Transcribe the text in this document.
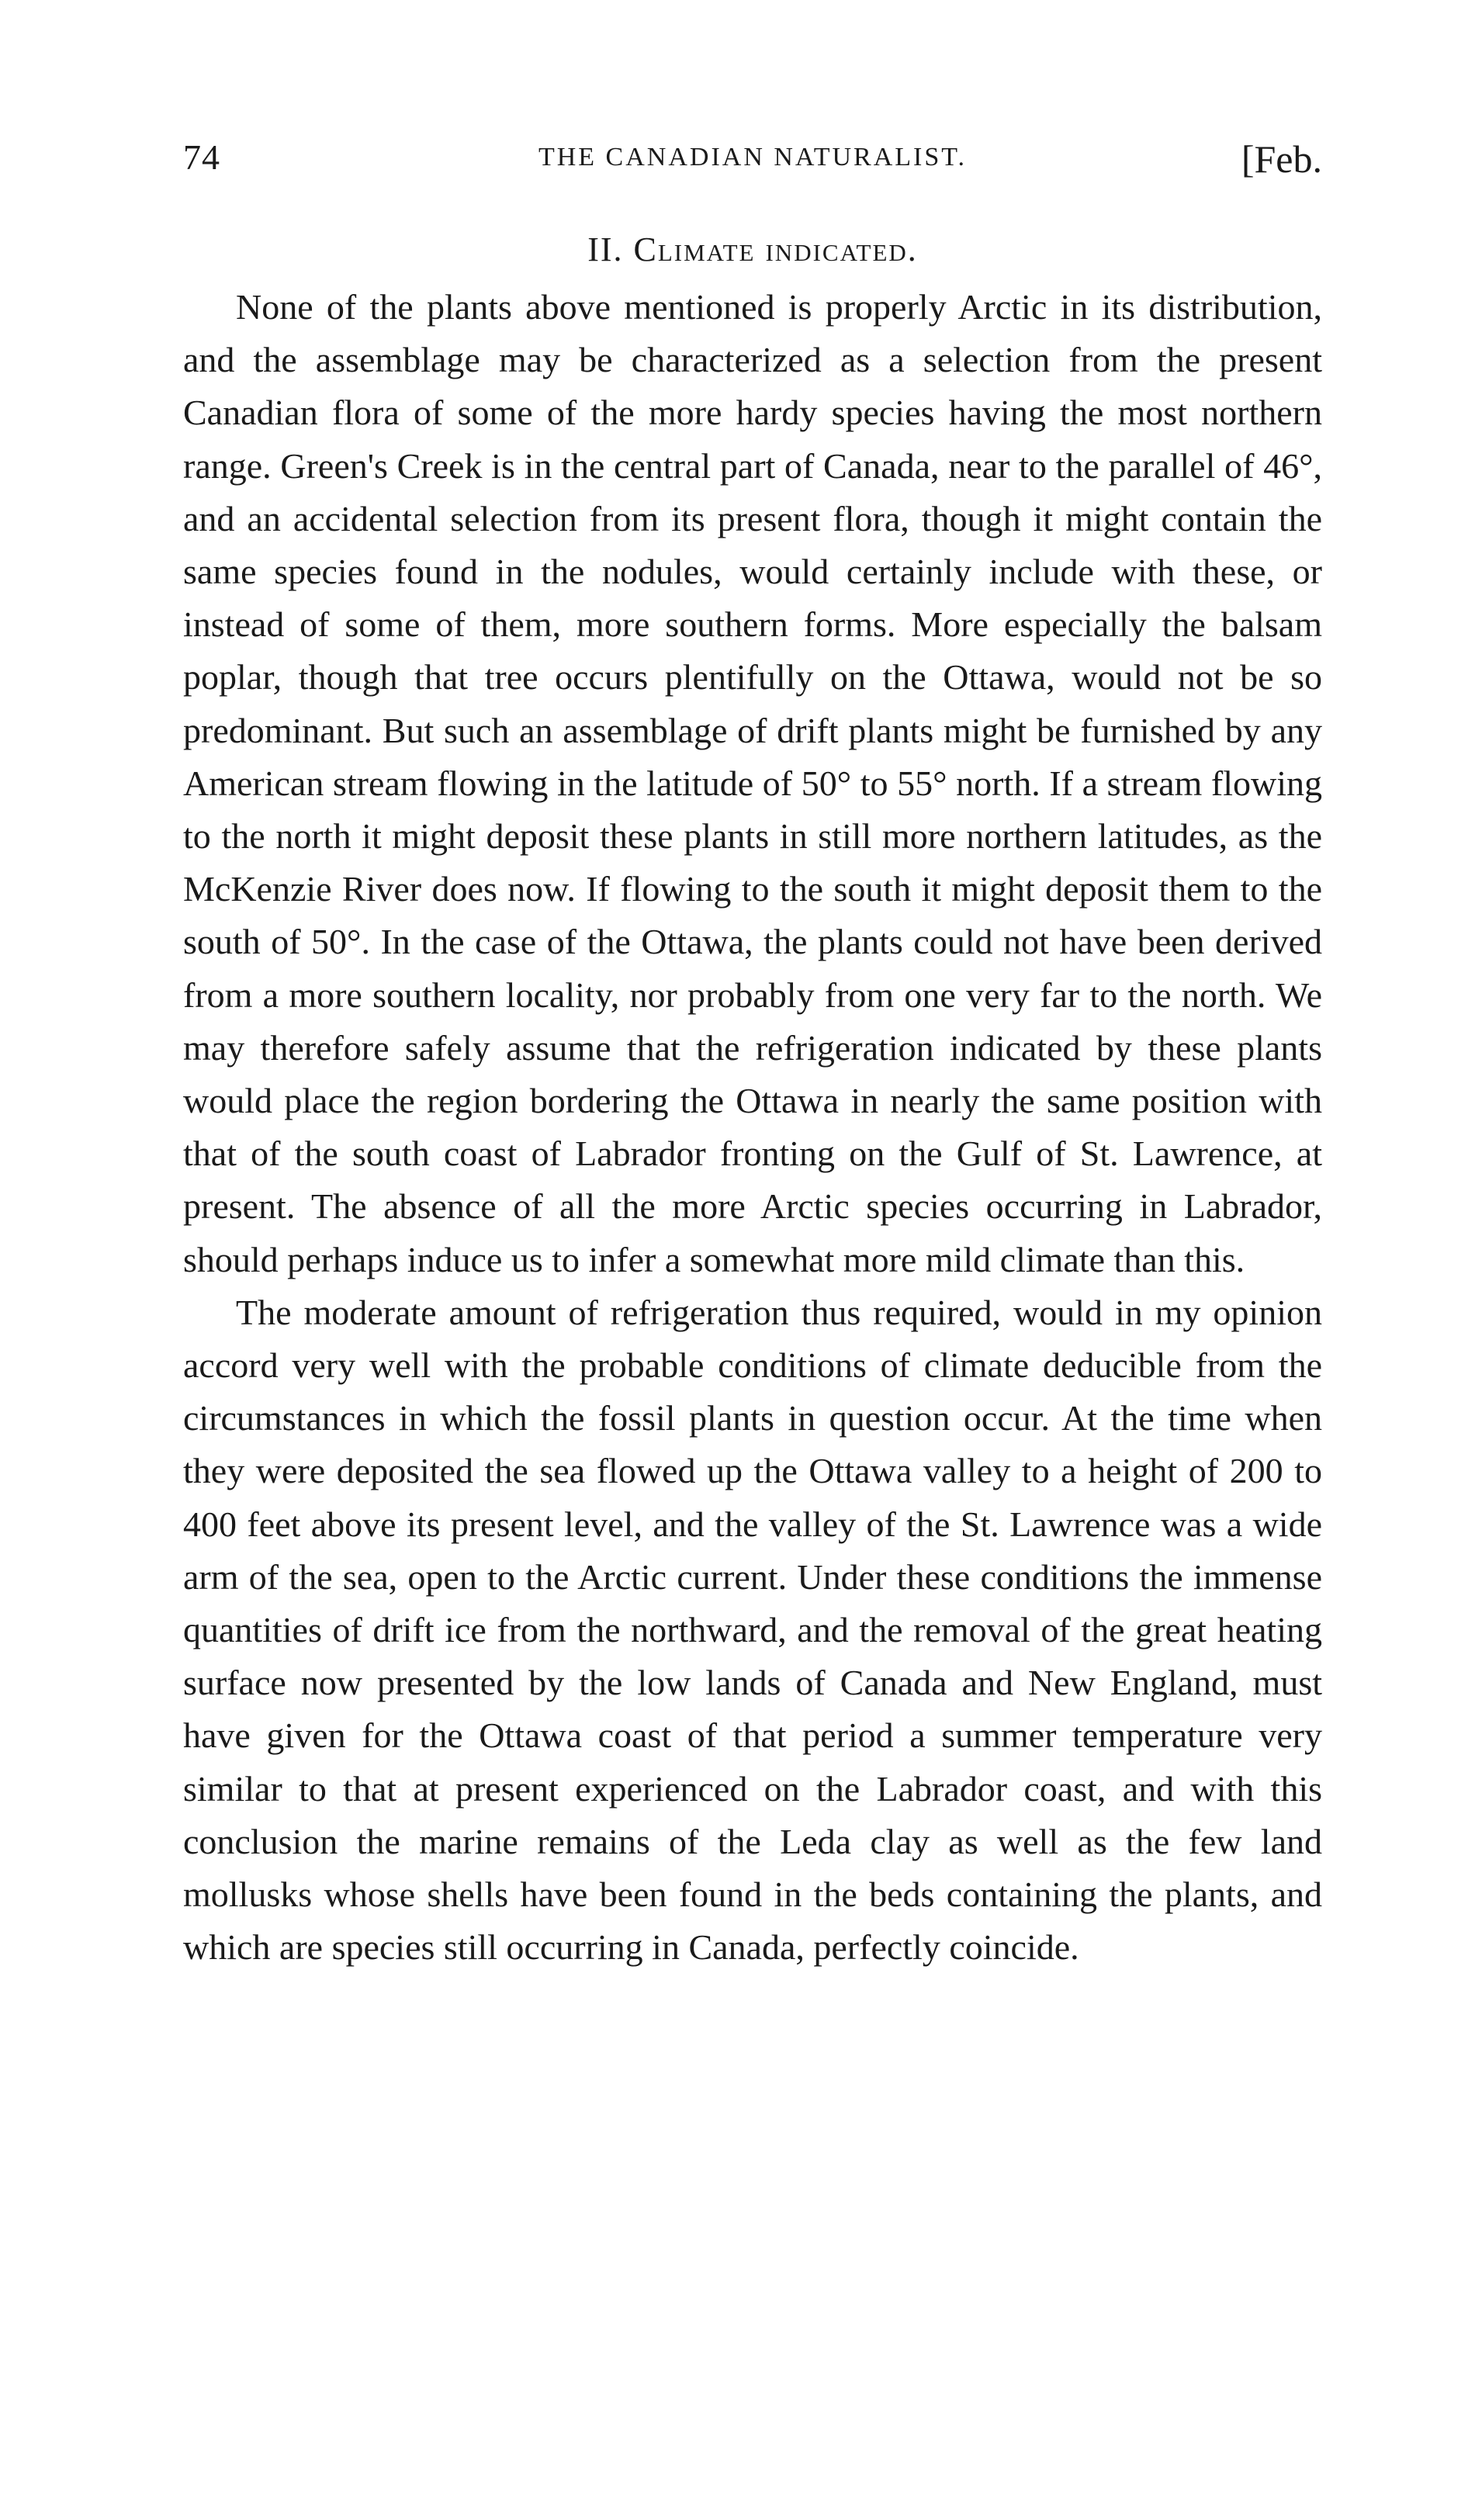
74	THE CANADIAN NATURALIST.	[Feb.
II. Climate indicated.

None of the plants above mentioned is properly Arctic in its distribution, and the assemblage may be characterized as a selection from the present Canadian flora of some of the more hardy species having the most northern range. Green's Creek is in the central part of Canada, near to the parallel of 46°, and an accidental selection from its present flora, though it might contain the same species found in the nodules, would certainly include with these, or instead of some of them, more southern forms. More especially the balsam poplar, though that tree occurs plentifully on the Ottawa, would not be so predominant. But such an assemblage of drift plants might be furnished by any American stream flowing in the latitude of 50° to 55° north. If a stream flowing to the north it might deposit these plants in still more northern latitudes, as the McKenzie River does now. If flowing to the south it might deposit them to the south of 50°. In the case of the Ottawa, the plants could not have been derived from a more southern locality, nor probably from one very far to the north. We may therefore safely assume that the refrigeration indicated by these plants would place the region bordering the Ottawa in nearly the same position with that of the south coast of Labrador fronting on the Gulf of St. Lawrence, at present. The absence of all the more Arctic species occurring in Labrador, should perhaps induce us to infer a somewhat more mild climate than this.

The moderate amount of refrigeration thus required, would in my opinion accord very well with the probable conditions of climate deducible from the circumstances in which the fossil plants in question occur. At the time when they were deposited the sea flowed up the Ottawa valley to a height of 200 to 400 feet above its present level, and the valley of the St. Lawrence was a wide arm of the sea, open to the Arctic current. Under these conditions the immense quantities of drift ice from the northward, and the removal of the great heating surface now presented by the low lands of Canada and New England, must have given for the Ottawa coast of that period a summer temperature very similar to that at present experienced on the Labrador coast, and with this conclusion the marine remains of the Leda clay as well as the few land mollusks whose shells have been found in the beds containing the plants, and which are species still occurring in Canada, perfectly coincide.
